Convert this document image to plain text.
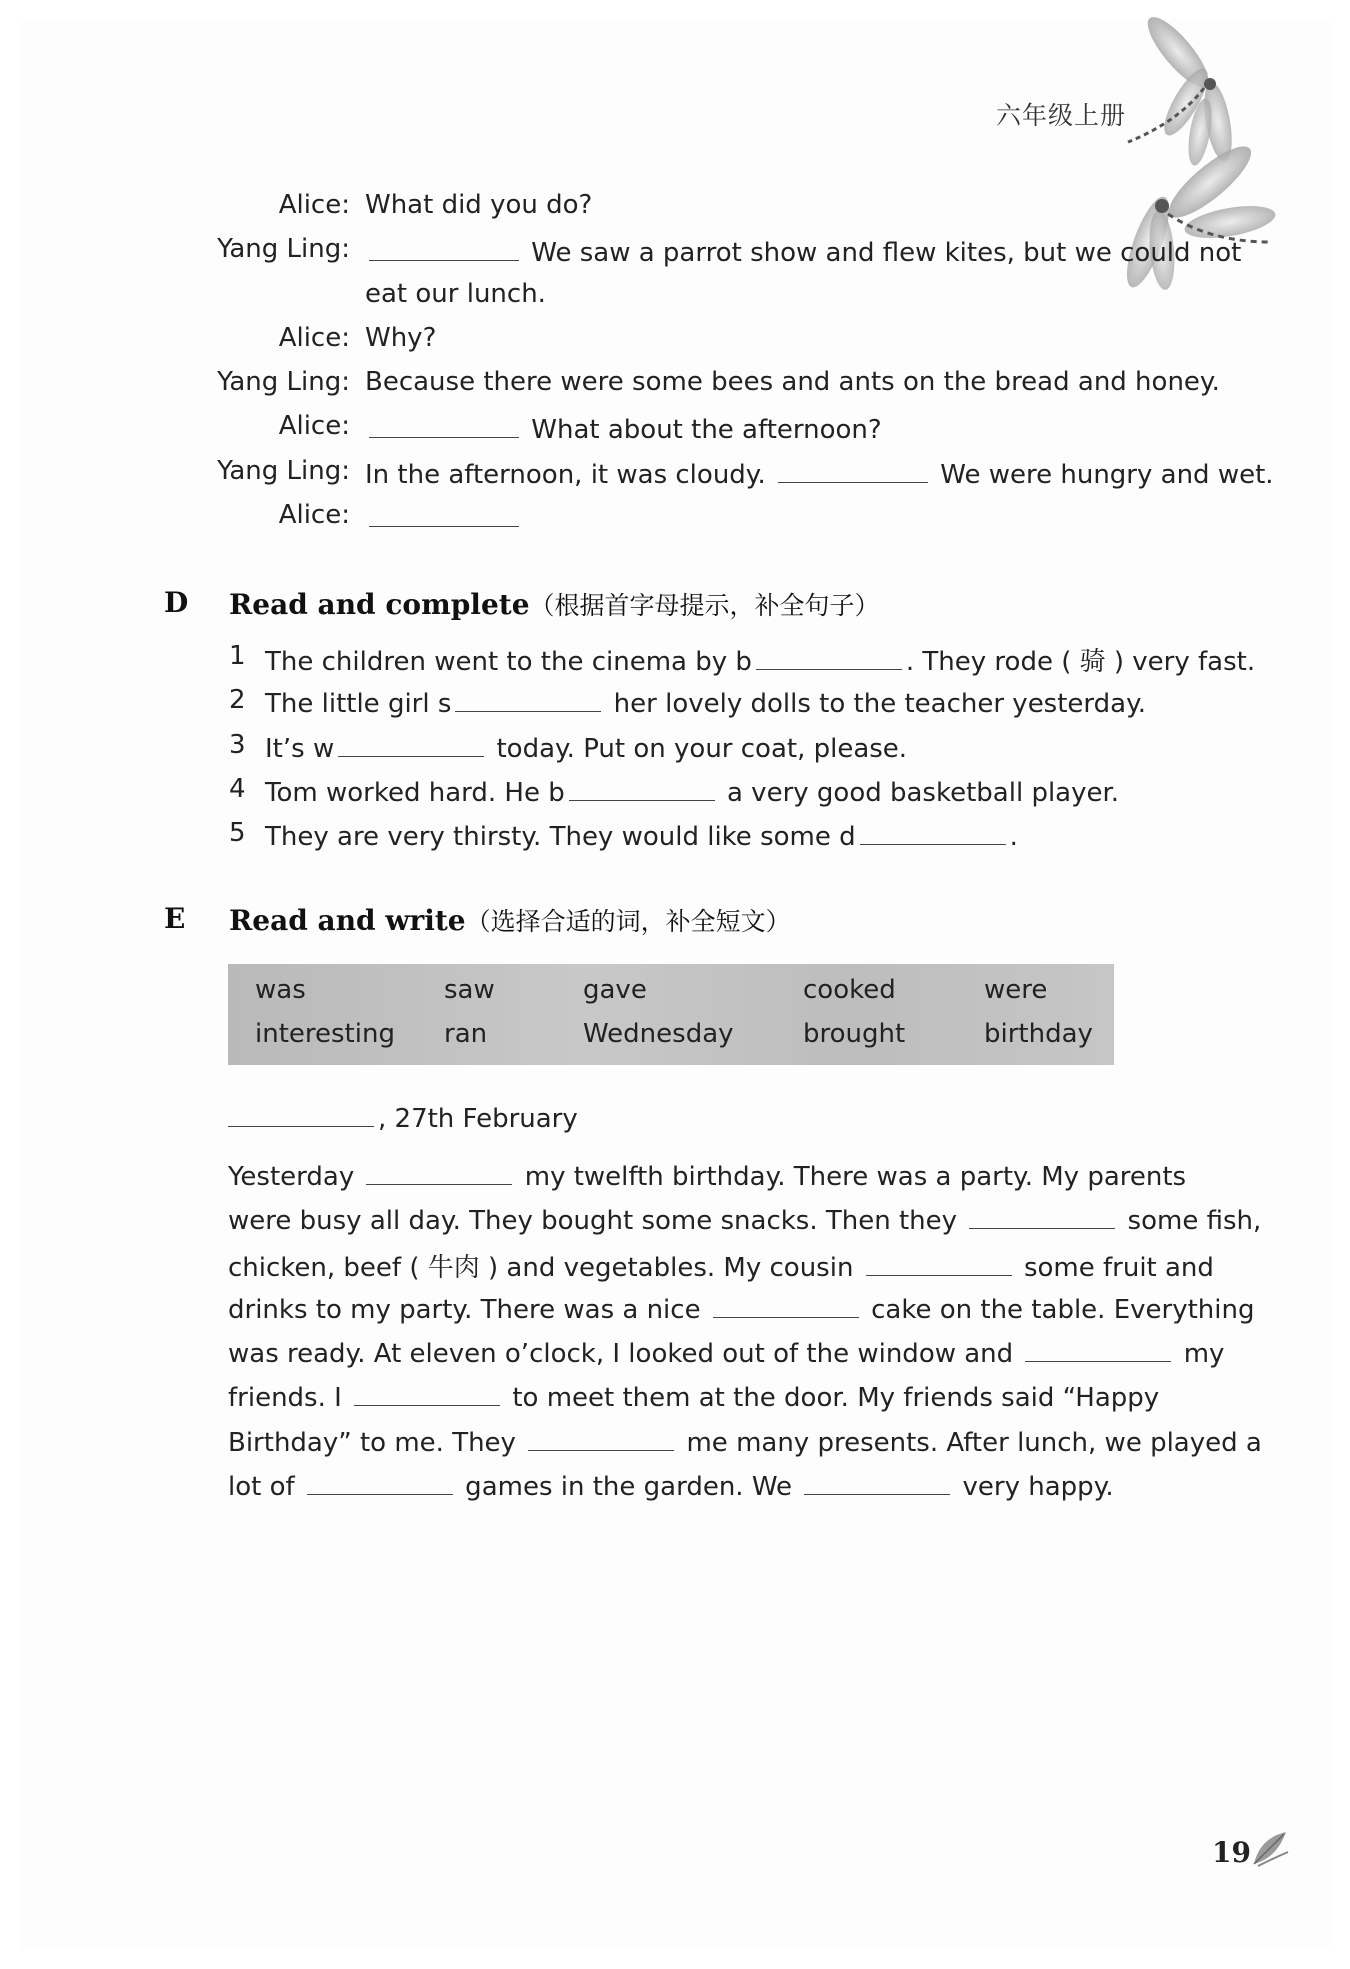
六年级上册
Alice: What did you do?
Yang Ling:	We saw a parrot show and flew kites, but we could not
eat our lunch.
Alice: Why?
Yang Ling: Because there were some bees and ants on the bread and honey.
Alice:	What about the afternoon?
Yang Ling: In the afternoon, it was cloudy.	We were hungry and wet.
Alice:
D Read and complete（根据首字母提示，补全句子）
1 The children went to the cinema by b	. They rode ( 骑 ) very fast.
2 The little girl s	her lovely dolls to the teacher yesterday.
3 It’s w	today. Put on your coat, please.
4 Tom worked hard. He b	a very good basketball player.
5 They are very thirsty. They would like some d	.
E Read and write（选择合适的词，补全短文）
was	saw	gave	cooked	were
interesting ran	Wednesday	brought	birthday
, 27th February
Yesterday	my twelfth birthday. There was a party. My parents
were busy all day. They bought some snacks. Then they	some fish,
chicken, beef ( 牛肉 ) and vegetables. My cousin	some fruit and
drinks to my party. There was a nice	cake on the table. Everything
was ready. At eleven o’clock, I looked out of the window and	my
friends. I	to meet them at the door. My friends said “Happy
Birthday” to me. They	me many presents. After lunch, we played a
lot of	games in the garden. We	very happy.
19
